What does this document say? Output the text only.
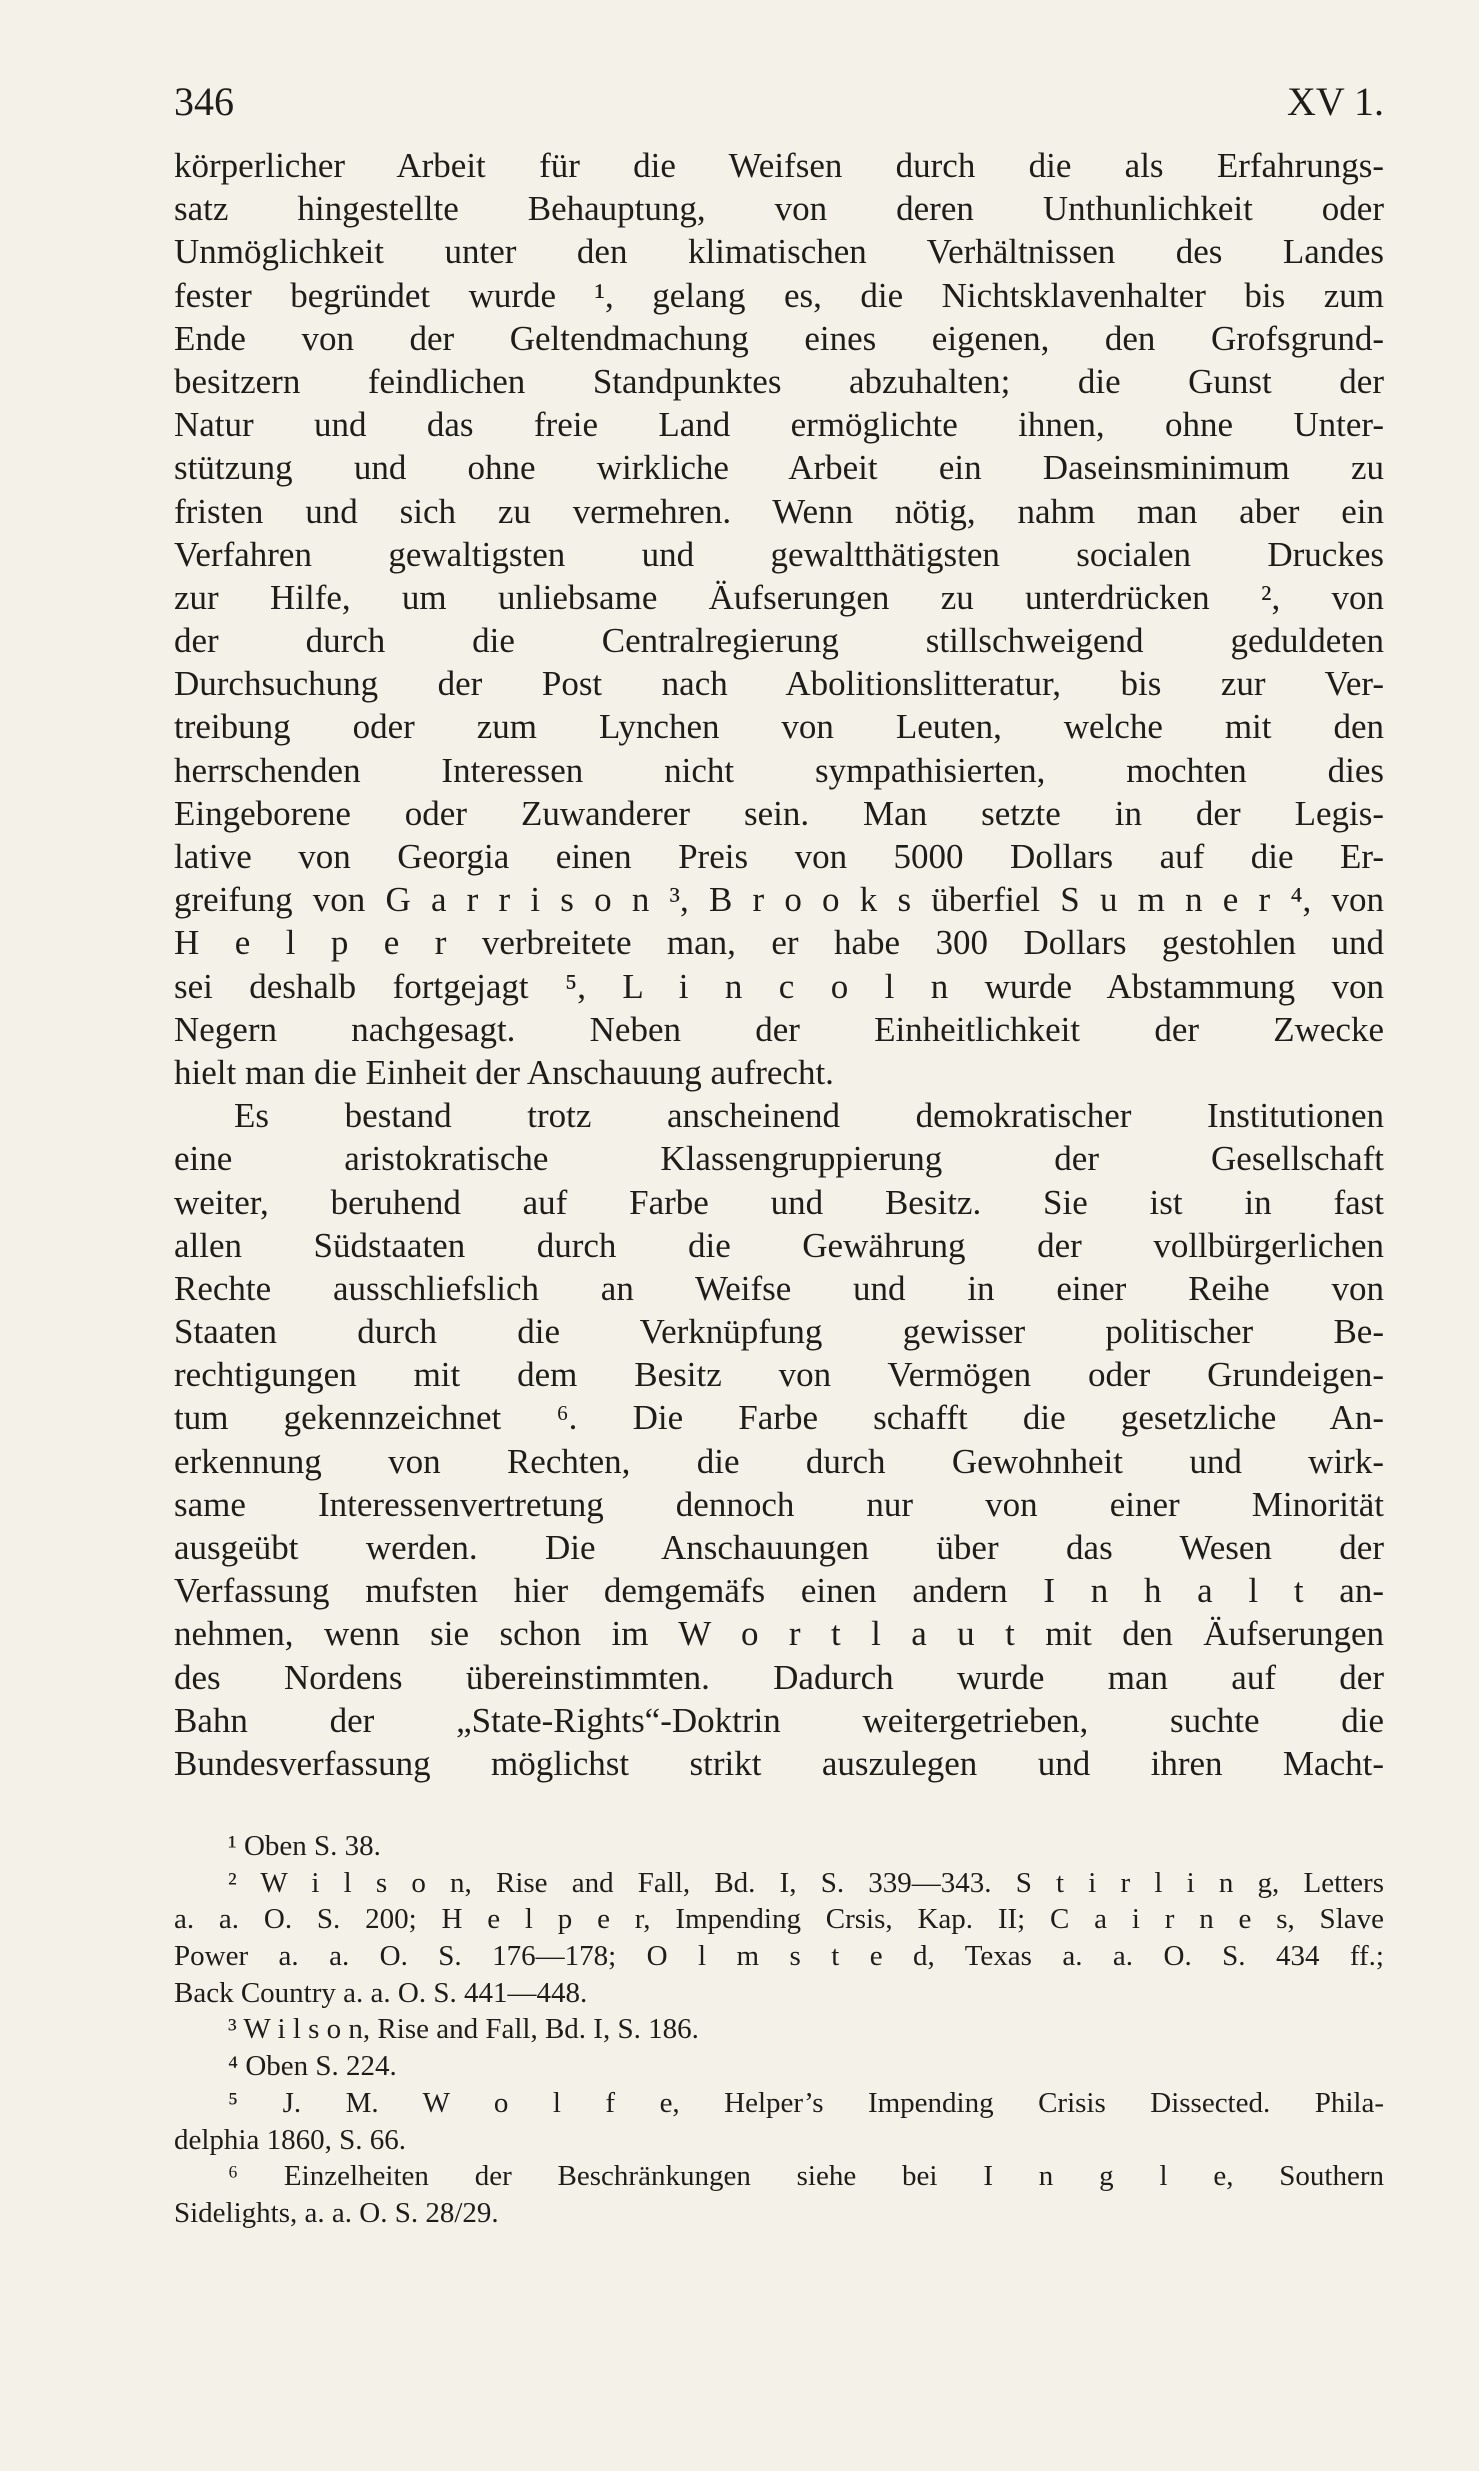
346	XV 1.
körperlicher Arbeit für die Weifsen durch die als Erfahrungs-
satz hingestellte Behauptung, von deren Unthunlichkeit oder
Unmöglichkeit unter den klimatischen Verhältnissen des Landes
fester begründet wurde ¹, gelang es, die Nichtsklavenhalter bis zum
Ende von der Geltendmachung eines eigenen, den Grofsgrund-
besitzern feindlichen Standpunktes abzuhalten; die Gunst der
Natur und das freie Land ermöglichte ihnen, ohne Unter-
stützung und ohne wirkliche Arbeit ein Daseinsminimum zu
fristen und sich zu vermehren. Wenn nötig, nahm man aber ein
Verfahren gewaltigsten und gewaltthätigsten socialen Druckes
zur Hilfe, um unliebsame Äufserungen zu unterdrücken ², von
der durch die Centralregierung stillschweigend geduldeten
Durchsuchung der Post nach Abolitionslitteratur, bis zur Ver-
treibung oder zum Lynchen von Leuten, welche mit den
herrschenden Interessen nicht sympathisierten, mochten dies
Eingeborene oder Zuwanderer sein. Man setzte in der Legis-
lative von Georgia einen Preis von 5000 Dollars auf die Er-
greifung von G a r r i s o n ³, B r o o k s überfiel S u m n e r ⁴, von
H e l p e r verbreitete man, er habe 300 Dollars gestohlen und
sei deshalb fortgejagt ⁵, L i n c o l n wurde Abstammung von
Negern nachgesagt. Neben der Einheitlichkeit der Zwecke
hielt man die Einheit der Anschauung aufrecht.
Es bestand trotz anscheinend demokratischer Institutionen
eine aristokratische Klassengruppierung der Gesellschaft
weiter, beruhend auf Farbe und Besitz. Sie ist in fast
allen Südstaaten durch die Gewährung der vollbürgerlichen
Rechte ausschliefslich an Weifse und in einer Reihe von
Staaten durch die Verknüpfung gewisser politischer Be-
rechtigungen mit dem Besitz von Vermögen oder Grundeigen-
tum gekennzeichnet ⁶. Die Farbe schafft die gesetzliche An-
erkennung von Rechten, die durch Gewohnheit und wirk-
same Interessenvertretung dennoch nur von einer Minorität
ausgeübt werden. Die Anschauungen über das Wesen der
Verfassung mufsten hier demgemäfs einen andern I n h a l t an-
nehmen, wenn sie schon im W o r t l a u t mit den Äufserungen
des Nordens übereinstimmten. Dadurch wurde man auf der
Bahn der „State-Rights“-Doktrin weitergetrieben, suchte die
Bundesverfassung möglichst strikt auszulegen und ihren Macht-
¹ Oben S. 38.
² W i l s o n, Rise and Fall, Bd. I, S. 339—343. S t i r l i n g, Letters
a. a. O. S. 200; H e l p e r, Impending Crsis, Kap. II; C a i r n e s, Slave
Power a. a. O. S. 176—178; O l m s t e d, Texas a. a. O. S. 434 ff.;
Back Country a. a. O. S. 441—448.
³ W i l s o n, Rise and Fall, Bd. I, S. 186.
⁴ Oben S. 224.
⁵ J. M. W o l f e, Helper’s Impending Crisis Dissected. Phila-
delphia 1860, S. 66.
⁶ Einzelheiten der Beschränkungen siehe bei I n g l e, Southern
Sidelights, a. a. O. S. 28/29.
